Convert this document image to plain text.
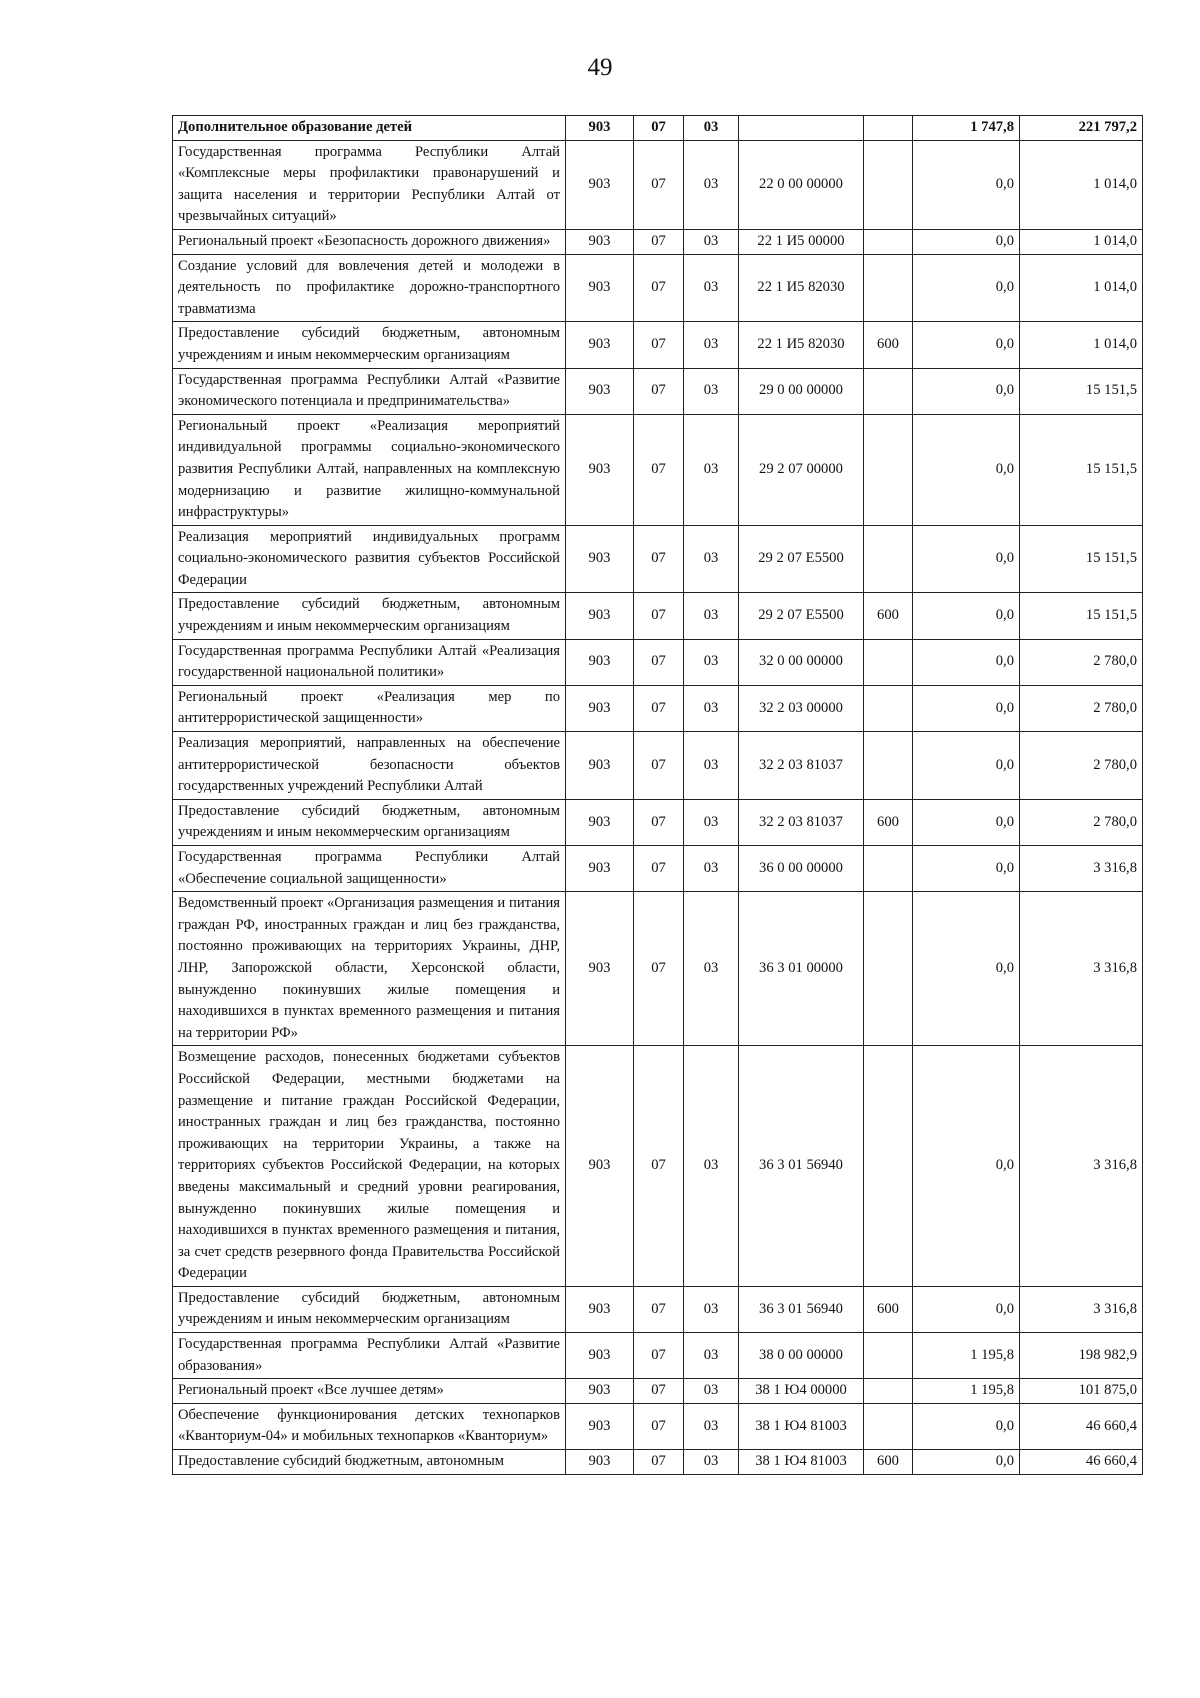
49
Дополнительное образование детей	903	07	03			1 747,8	221 797,2
Государственная программа Республики Алтай «Комплексные меры профилактики правонарушений и защита населения и территории Республики Алтай от чрезвычайных ситуаций»	903	07	03	22 0 00 00000		0,0	1 014,0
Региональный проект «Безопасность дорожного движения»	903	07	03	22 1 И5 00000		0,0	1 014,0
Создание условий для вовлечения детей и молодежи в деятельность по профилактике дорожно-транспортного травматизма	903	07	03	22 1 И5 82030		0,0	1 014,0
Предоставление субсидий бюджетным, автономным учреждениям и иным некоммерческим организациям	903	07	03	22 1 И5 82030	600	0,0	1 014,0
Государственная программа Республики Алтай «Развитие экономического потенциала и предпринимательства»	903	07	03	29 0 00 00000		0,0	15 151,5
Региональный проект «Реализация мероприятий индивидуальной программы социально-экономического развития Республики Алтай, направленных на комплексную модернизацию и развитие жилищно-коммунальной инфраструктуры»	903	07	03	29 2 07 00000		0,0	15 151,5
Реализация мероприятий индивидуальных программ социально-экономического развития субъектов Российской Федерации	903	07	03	29 2 07 Е5500		0,0	15 151,5
Предоставление субсидий бюджетным, автономным учреждениям и иным некоммерческим организациям	903	07	03	29 2 07 Е5500	600	0,0	15 151,5
Государственная программа Республики Алтай «Реализация государственной национальной политики»	903	07	03	32 0 00 00000		0,0	2 780,0
Региональный проект «Реализация мер по антитеррористической защищенности»	903	07	03	32 2 03 00000		0,0	2 780,0
Реализация мероприятий, направленных на обеспечение антитеррористической безопасности объектов государственных учреждений Республики Алтай	903	07	03	32 2 03 81037		0,0	2 780,0
Предоставление субсидий бюджетным, автономным учреждениям и иным некоммерческим организациям	903	07	03	32 2 03 81037	600	0,0	2 780,0
Государственная программа Республики Алтай «Обеспечение социальной защищенности»	903	07	03	36 0 00 00000		0,0	3 316,8
Ведомственный проект «Организация размещения и питания граждан РФ, иностранных граждан и лиц без гражданства, постоянно проживающих на территориях Украины, ДНР, ЛНР, Запорожской области, Херсонской области, вынужденно покинувших жилые помещения и находившихся в пунктах временного размещения и питания на территории РФ»	903	07	03	36 3 01 00000		0,0	3 316,8
Возмещение расходов, понесенных бюджетами субъектов Российской Федерации, местными бюджетами на размещение и питание граждан Российской Федерации, иностранных граждан и лиц без гражданства, постоянно проживающих на территории Украины, а также на территориях субъектов Российской Федерации, на которых введены максимальный и средний уровни реагирования, вынужденно покинувших жилые помещения и находившихся в пунктах временного размещения и питания, за счет средств резервного фонда Правительства Российской Федерации	903	07	03	36 3 01 56940		0,0	3 316,8
Предоставление субсидий бюджетным, автономным учреждениям и иным некоммерческим организациям	903	07	03	36 3 01 56940	600	0,0	3 316,8
Государственная программа Республики Алтай «Развитие образования»	903	07	03	38 0 00 00000		1 195,8	198 982,9
Региональный проект «Все лучшее детям»	903	07	03	38 1 Ю4 00000		1 195,8	101 875,0
Обеспечение функционирования детских технопарков «Кванториум-04» и мобильных технопарков «Кванториум»	903	07	03	38 1 Ю4 81003		0,0	46 660,4
Предоставление субсидий бюджетным, автономным	903	07	03	38 1 Ю4 81003	600	0,0	46 660,4
